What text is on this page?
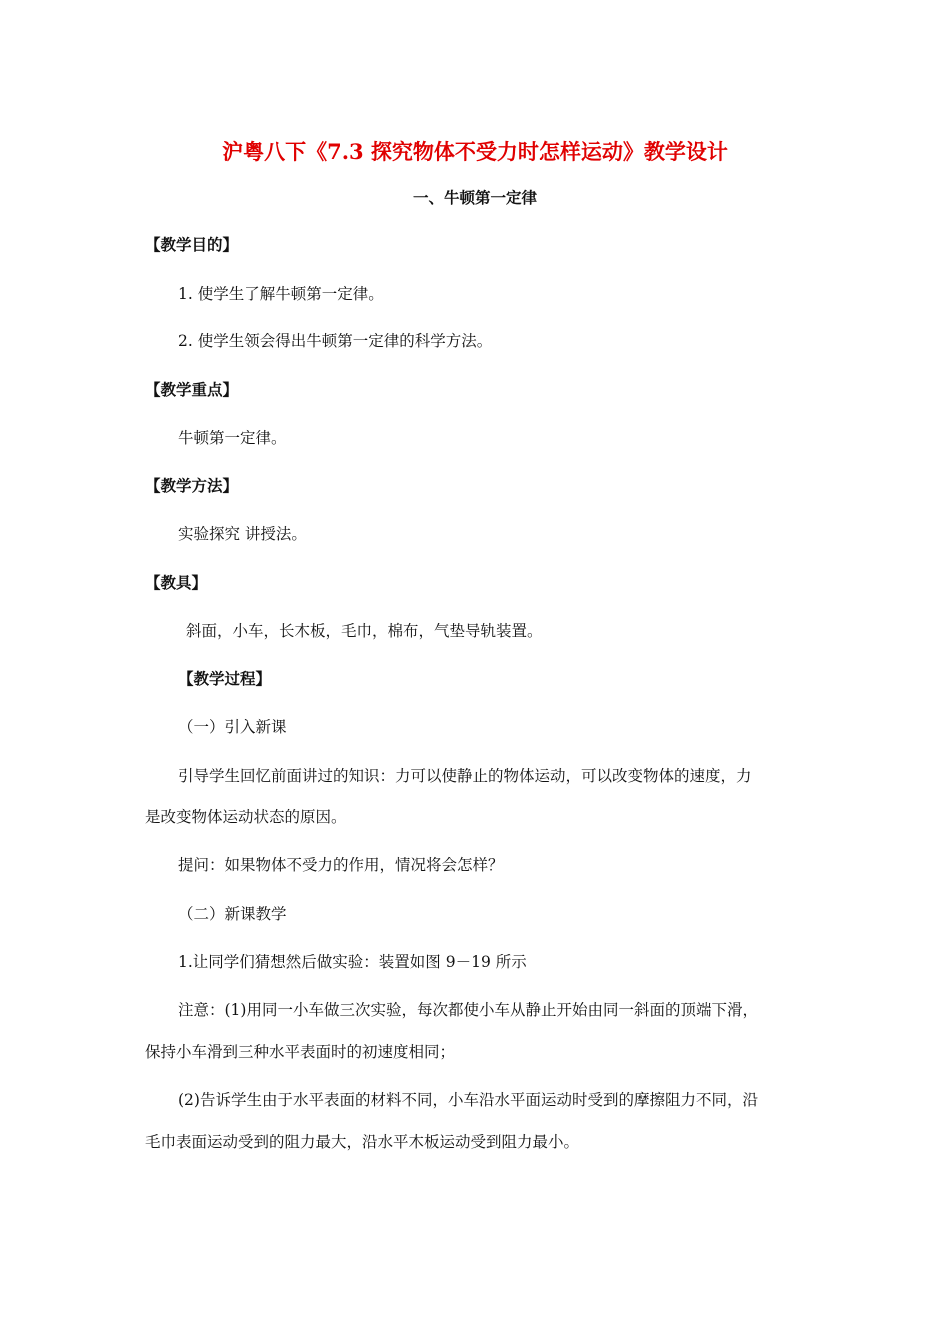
沪粤八下《7.3 探究物体不受力时怎样运动》教学设计
一、牛顿第一定律
【教学目的】
1. 使学生了解牛顿第一定律。
2. 使学生领会得出牛顿第一定律的科学方法。
【教学重点】
牛顿第一定律。
【教学方法】
实验探究 讲授法。
【教具】
斜面，小车，长木板，毛巾，棉布，气垫导轨装置。
【教学过程】
（一）引入新课
引导学生回忆前面讲过的知识：力可以使静止的物体运动，可以改变物体的速度，力
是改变物体运动状态的原因。
提问：如果物体不受力的作用，情况将会怎样？
（二）新课教学
1.让同学们猜想然后做实验：装置如图 9－19 所示
注意：(1)用同一小车做三次实验，每次都使小车从静止开始由同一斜面的顶端下滑，
保持小车滑到三种水平表面时的初速度相同；
(2)告诉学生由于水平表面的材料不同，小车沿水平面运动时受到的摩擦阻力不同，沿
毛巾表面运动受到的阻力最大，沿水平木板运动受到阻力最小。
